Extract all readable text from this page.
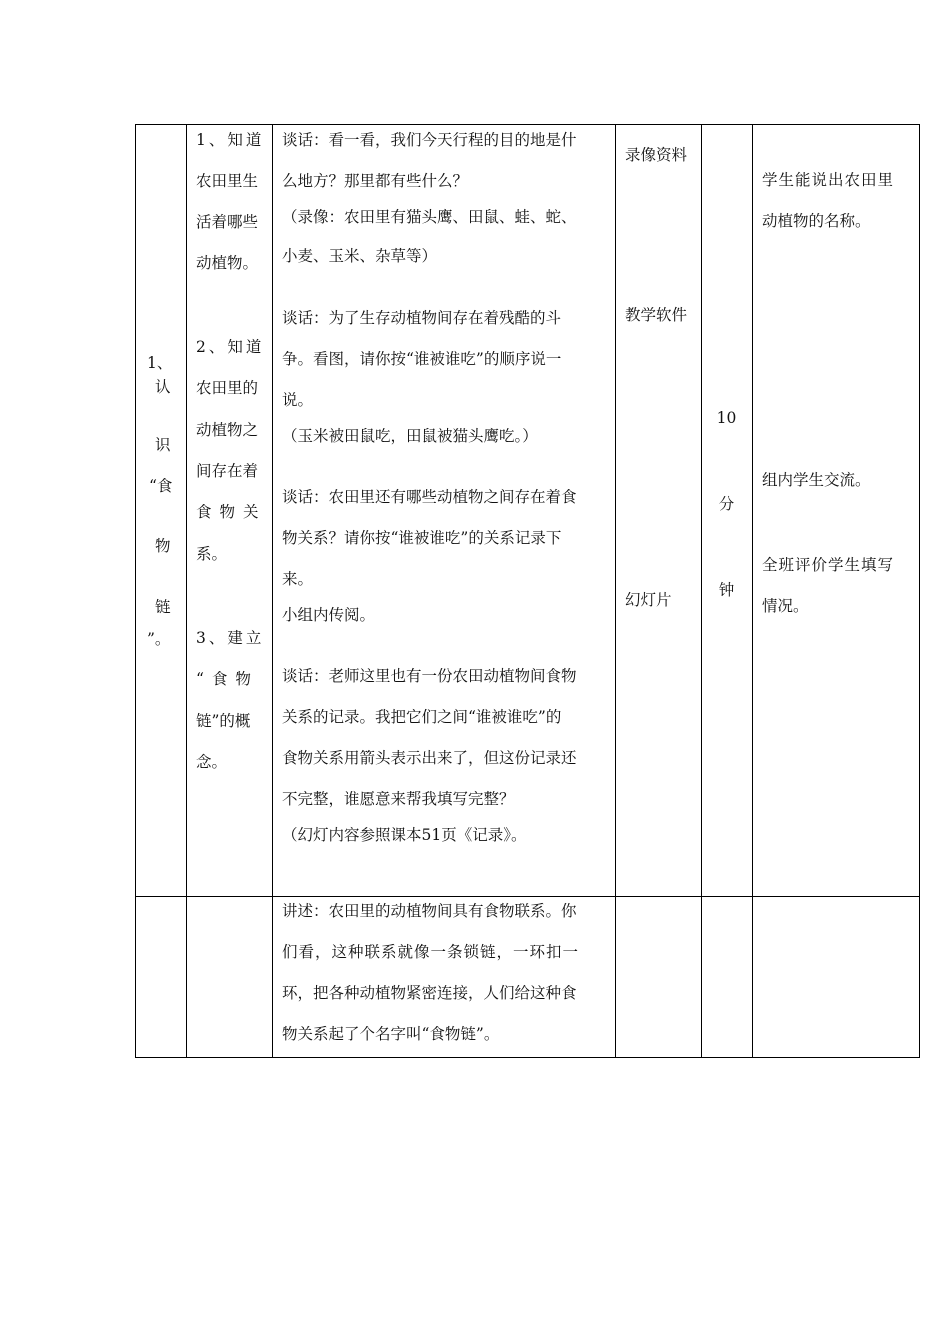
1、
认
识
“食
物
链
”。
1、知道
农田里生
活着哪些
动植物。
2、知道
农田里的
动植物之
间存在着
食物关
系。
3、建立
“食物
链”的概
念。
谈话：看一看，我们今天行程的目的地是什
么地方？那里都有些什么？
（录像：农田里有猫头鹰、田鼠、蛙、蛇、
小麦、玉米、杂草等）
谈话：为了生存动植物间存在着残酷的斗
争。看图，请你按“谁被谁吃”的顺序说一
说。
（玉米被田鼠吃，田鼠被猫头鹰吃。）
谈话：农田里还有哪些动植物之间存在着食
物关系？请你按“谁被谁吃”的关系记录下
来。
小组内传阅。
谈话：老师这里也有一份农田动植物间食物
关系的记录。我把它们之间“谁被谁吃”的
食物关系用箭头表示出来了，但这份记录还
不完整，谁愿意来帮我填写完整？
（幻灯内容参照课本51页《记录》。
录像资料
教学软件
幻灯片
10
分
钟
学生能说出农田里
动植物的名称。
组内学生交流。
全班评价学生填写
情况。
讲述：农田里的动植物间具有食物联系。你
们看，这种联系就像一条锁链，一环扣一
环，把各种动植物紧密连接，人们给这种食
物关系起了个名字叫“食物链”。
